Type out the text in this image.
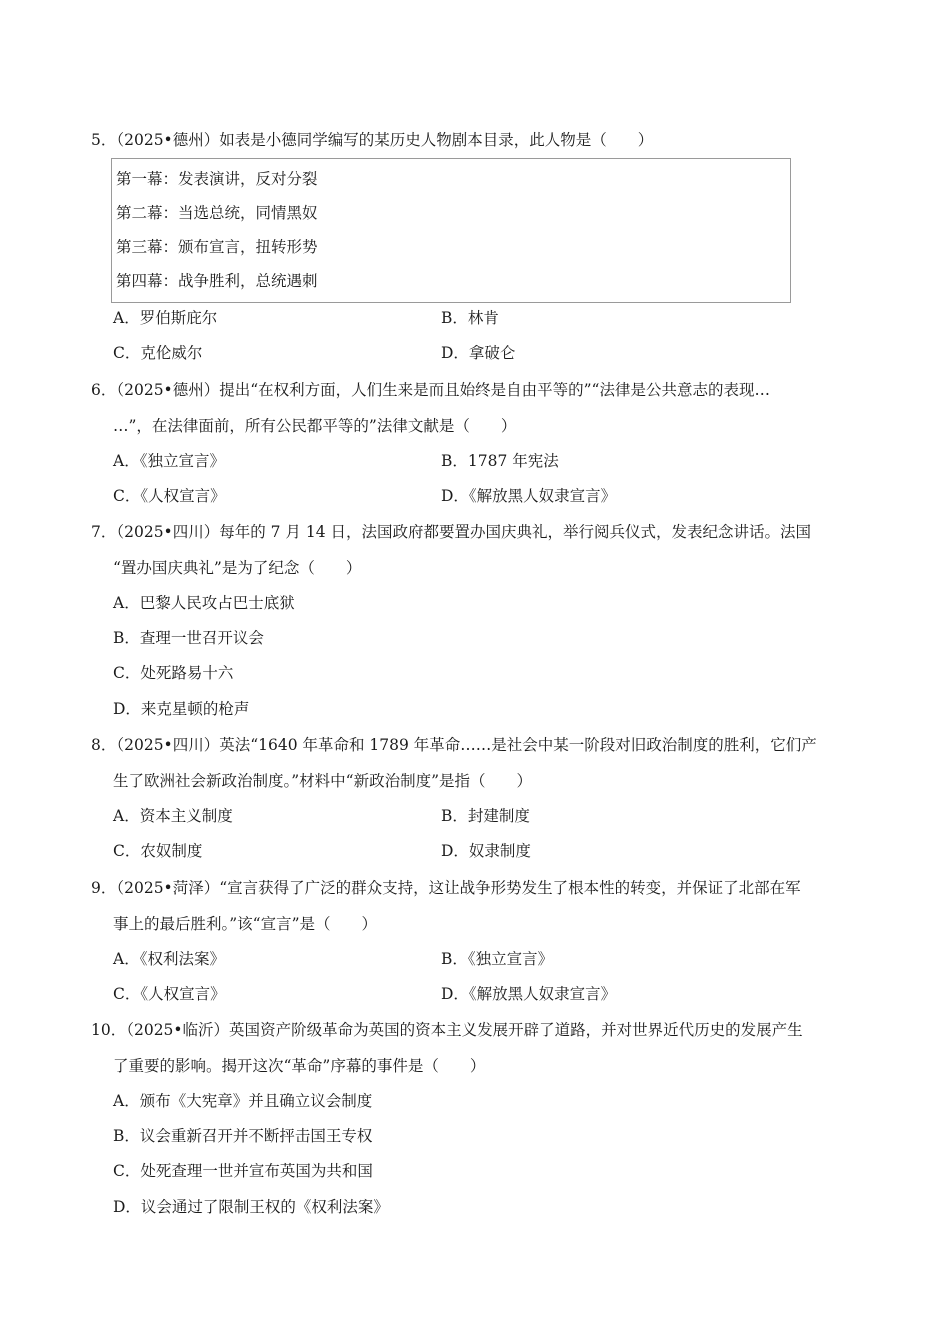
5．（2025•德州）如表是小德同学编写的某历史人物剧本目录，此人物是（　　）
第一幕：发表演讲，反对分裂
第二幕：当选总统，同情黑奴
第三幕：颁布宣言，扭转形势
第四幕：战争胜利，总统遇刺
A．罗伯斯庇尔	B．林肯
C．克伦威尔	D．拿破仑
6．（2025•德州）提出“在权利方面，人们生来是而且始终是自由平等的”“法律是公共意志的表现…
…”，在法律面前，所有公民都平等的”法律文献是（　　）
A．《独立宣言》	B．1787 年宪法
C．《人权宣言》	D．《解放黑人奴隶宣言》
7．（2025•四川）每年的 7 月 14 日，法国政府都要置办国庆典礼，举行阅兵仪式，发表纪念讲话。法国
“置办国庆典礼”是为了纪念（　　）
A．巴黎人民攻占巴士底狱
B．查理一世召开议会
C．处死路易十六
D．来克星顿的枪声
8．（2025•四川）英法“1640 年革命和 1789 年革命……是社会中某一阶段对旧政治制度的胜利，它们产
生了欧洲社会新政治制度。”材料中“新政治制度”是指（　　）
A．资本主义制度	B．封建制度
C．农奴制度	D．奴隶制度
9．（2025•菏泽）“宣言获得了广泛的群众支持，这让战争形势发生了根本性的转变，并保证了北部在军
事上的最后胜利。”该“宣言”是（　　）
A．《权利法案》	B．《独立宣言》
C．《人权宣言》	D．《解放黑人奴隶宣言》
10．（2025•临沂）英国资产阶级革命为英国的资本主义发展开辟了道路，并对世界近代历史的发展产生
了重要的影响。揭开这次“革命”序幕的事件是（　　）
A．颁布《大宪章》并且确立议会制度
B．议会重新召开并不断抨击国王专权
C．处死查理一世并宣布英国为共和国
D．议会通过了限制王权的《权利法案》
